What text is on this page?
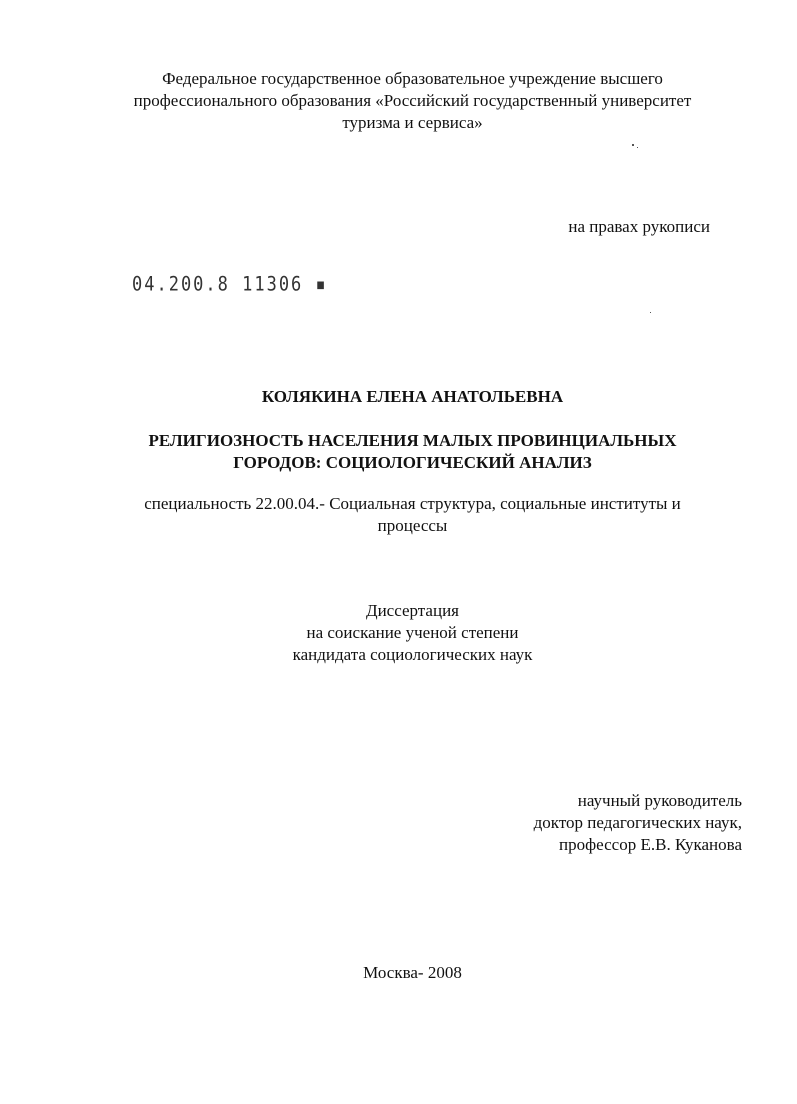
Федеральное государственное образовательное учреждение высшего
профессионального образования «Российский государственный университет
туризма и сервиса»
на правах рукописи
04.200.8 11306 ▪
КОЛЯКИНА ЕЛЕНА АНАТОЛЬЕВНА
РЕЛИГИОЗНОСТЬ НАСЕЛЕНИЯ МАЛЫХ ПРОВИНЦИАЛЬНЫХ
ГОРОДОВ: СОЦИОЛОГИЧЕСКИЙ АНАЛИЗ
специальность 22.00.04.- Социальная структура, социальные институты и
процессы
Диссертация
на соискание ученой степени
кандидата социологических наук
научный руководитель
доктор педагогических наук,
профессор Е.В. Куканова
Москва- 2008
